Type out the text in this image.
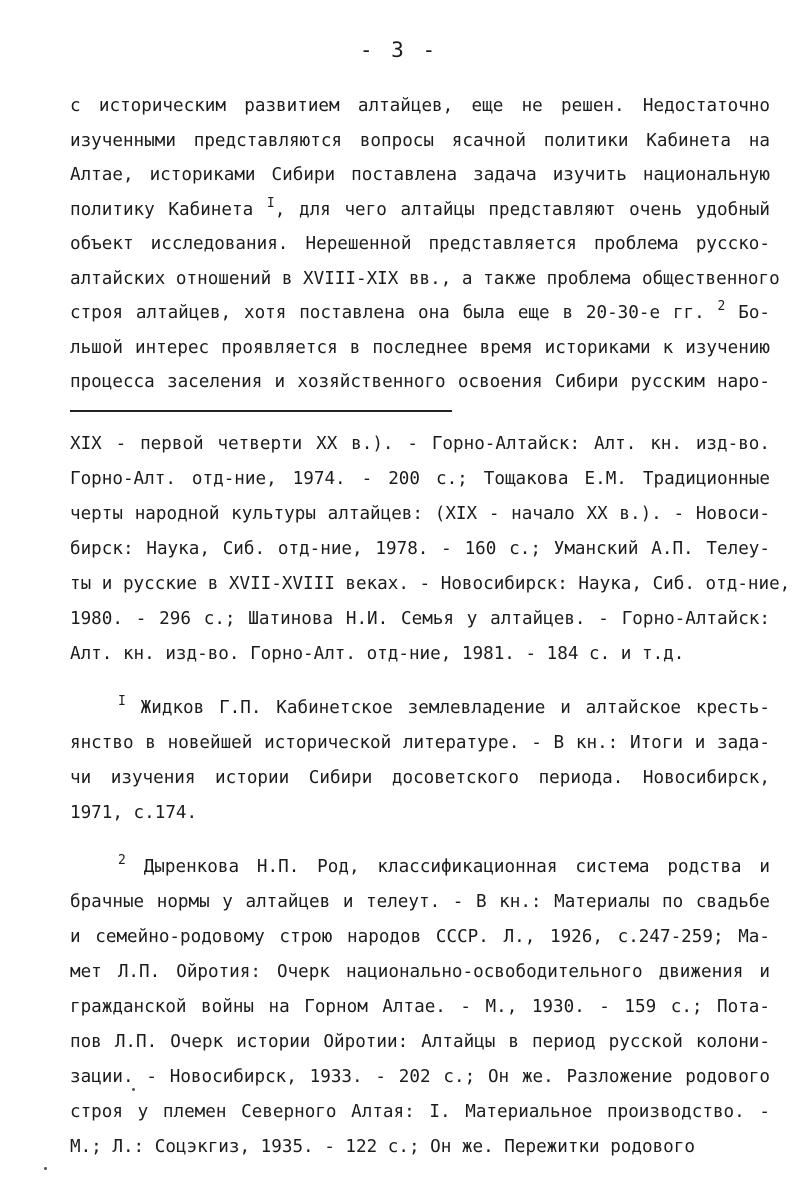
- 3 -
с историческим развитием алтайцев, еще не решен. Недостаточно
изученными представляются вопросы ясачной политики Кабинета на
Алтае, историками Сибири поставлена задача изучить национальную
политику Кабинета $^I$, для чего алтайцы представляют очень удобный
объект исследования. Нерешенной представляется проблема русско-
алтайских отношений в XVIII-XIX вв., а также проблема общественного
строя алтайцев, хотя поставлена она была еще в 20-30-е гг. $^2$ Бо-
льшой интерес проявляется в последнее время историками к изучению
процесса заселения и хозяйственного освоения Сибири русским наро-
XIX - первой четверти XX в.). - Горно-Алтайск: Алт. кн. изд-во.
Горно-Алт. отд-ние, 1974. - 200 с.; Тощакова Е.М. Традиционные
черты народной культуры алтайцев: (XIX - начало XX в.). - Новоси-
бирск: Наука, Сиб. отд-ние, 1978. - 160 с.; Уманский А.П. Телеу-
ты и русские в XVII-XVIII веках. - Новосибирск: Наука, Сиб. отд-ние,
1980. - 296 с.; Шатинова Н.И. Семья у алтайцев. - Горно-Алтайск:
Алт. кн. изд-во. Горно-Алт. отд-ние, 1981. - 184 с. и т.д.
$^I$ Жидков Г.П. Кабинетское землевладение и алтайское кресть-
янство в новейшей исторической литературе. - В кн.: Итоги и зада-
чи изучения истории Сибири досоветского периода. Новосибирск,
1971, с.174.
$^2$ Дыренкова Н.П. Род, классификационная система родства и
брачные нормы у алтайцев и телеут. - В кн.: Материалы по свадьбе
и семейно-родовому строю народов СССР. Л., 1926, с.247-259; Ма-
мет Л.П. Ойротия: Очерк национально-освободительного движения и
гражданской войны на Горном Алтае. - М., 1930. - 159 с.; Пота-
пов Л.П. Очерк истории Ойротии: Алтайцы в период русской колони-
зации. - Новосибирск, 1933. - 202 с.; Он же. Разложение родового
строя у племен Северного Алтая: I. Материальное производство. -
М.; Л.: Соцэкгиз, 1935. - 122 с.; Он же. Пережитки родового
